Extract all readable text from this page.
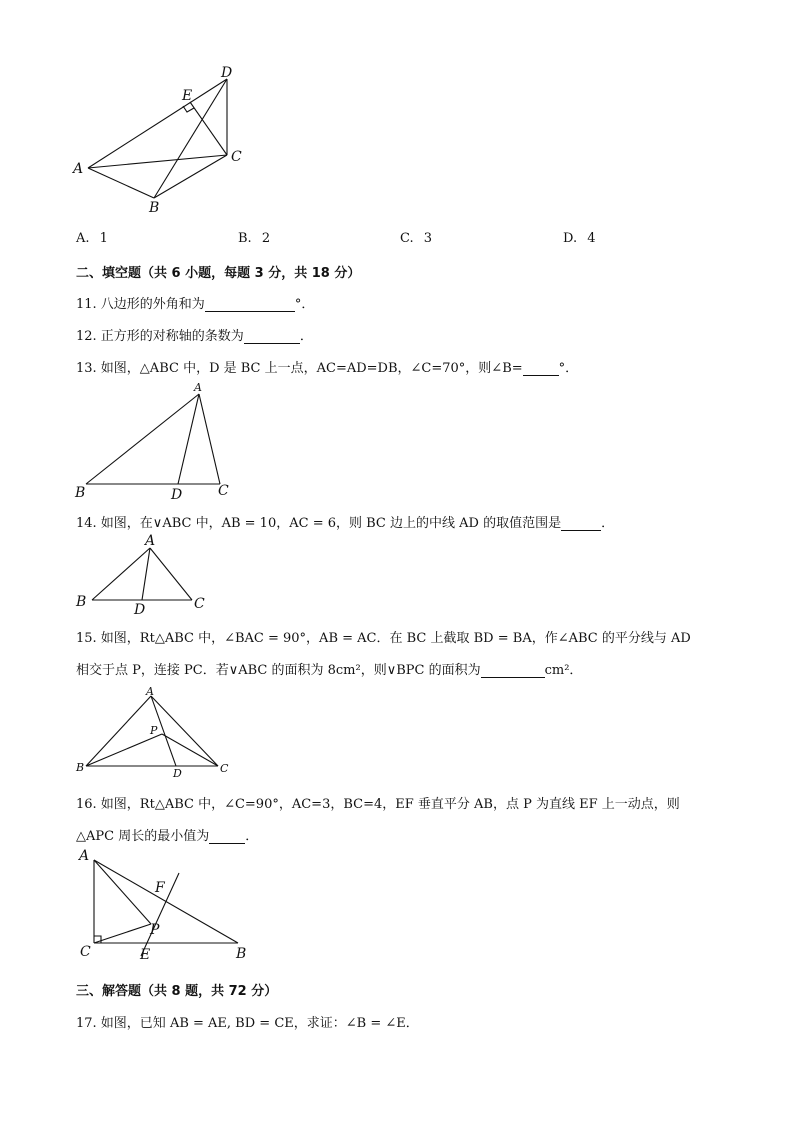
A
B
C
D
E
A. 1	B. 2	C. 3	D. 4
二、填空题（共 6 小题，每题 3 分，共 18 分）
11. 八边形的外角和为	°．
12. 正方形的对称轴的条数为	．
13. 如图，△ABC 中，D 是 BC 上一点，AC=AD=DB，∠C=70°，则∠B=	°．
A
B	D	C
14. 如图，在∨ABC 中，AB = 10，AC = 6，则 BC 边上的中线 AD 的取值范围是	．
A
B	D	C
15. 如图，Rt△ABC 中，∠BAC = 90°，AB = AC．在 BC 上截取 BD = BA，作∠ABC 的平分线与 AD
相交于点 P，连接 PC．若∨ABC 的面积为 8cm²，则∨BPC 的面积为	cm²．
A
B	D	C
P
16. 如图，Rt△ABC 中，∠C=90°，AC=3，BC=4，EF 垂直平分 AB，点 P 为直线 EF 上一动点，则
△APC 周长的最小值为	．
A
C	B
F
P
E
三、解答题（共 8 题，共 72 分）
17. 如图，已知 AB = AE, BD = CE，求证：∠B = ∠E．
